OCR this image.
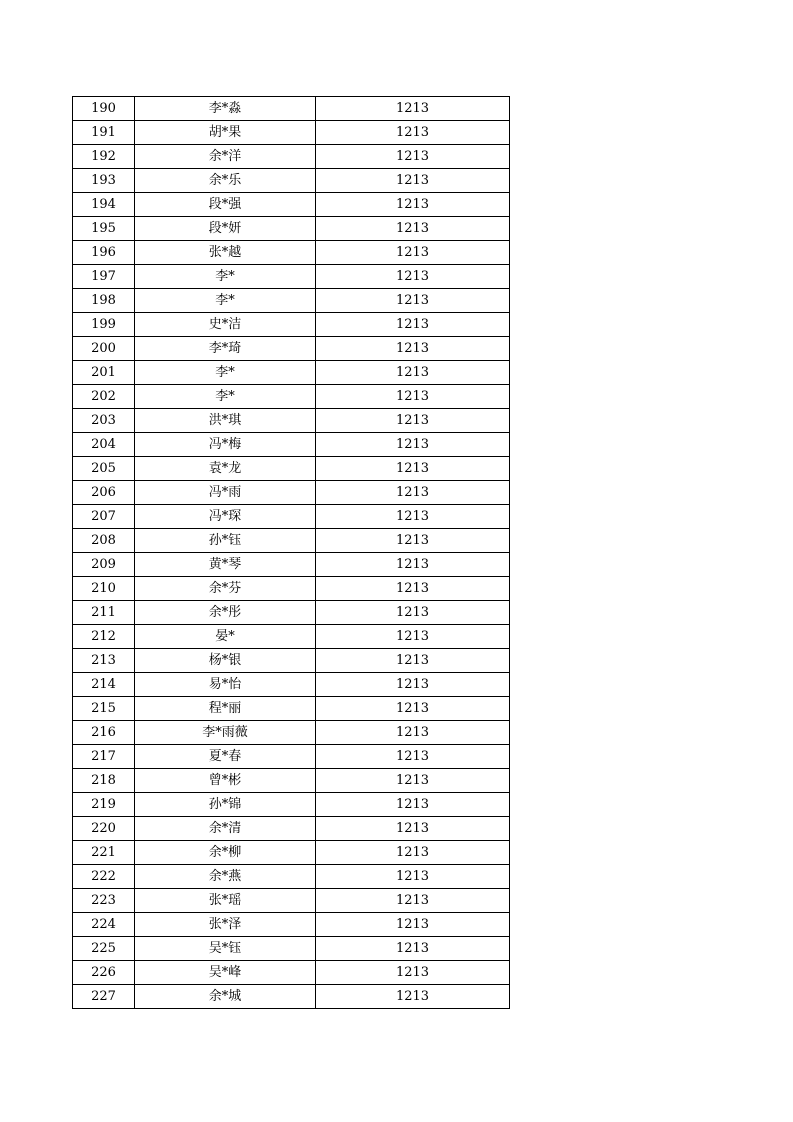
190	李*淼	1213
191	胡*果	1213
192	余*洋	1213
193	余*乐	1213
194	段*强	1213
195	段*妍	1213
196	张*越	1213
197	李*	1213
198	李*	1213
199	史*洁	1213
200	李*琦	1213
201	李*	1213
202	李*	1213
203	洪*琪	1213
204	冯*梅	1213
205	袁*龙	1213
206	冯*雨	1213
207	冯*琛	1213
208	孙*钰	1213
209	黄*琴	1213
210	余*芬	1213
211	余*彤	1213
212	晏*	1213
213	杨*银	1213
214	易*怡	1213
215	程*丽	1213
216	李*雨薇	1213
217	夏*春	1213
218	曾*彬	1213
219	孙*锦	1213
220	余*清	1213
221	余*柳	1213
222	余*燕	1213
223	张*瑶	1213
224	张*泽	1213
225	吴*钰	1213
226	吴*峰	1213
227	余*城	1213
